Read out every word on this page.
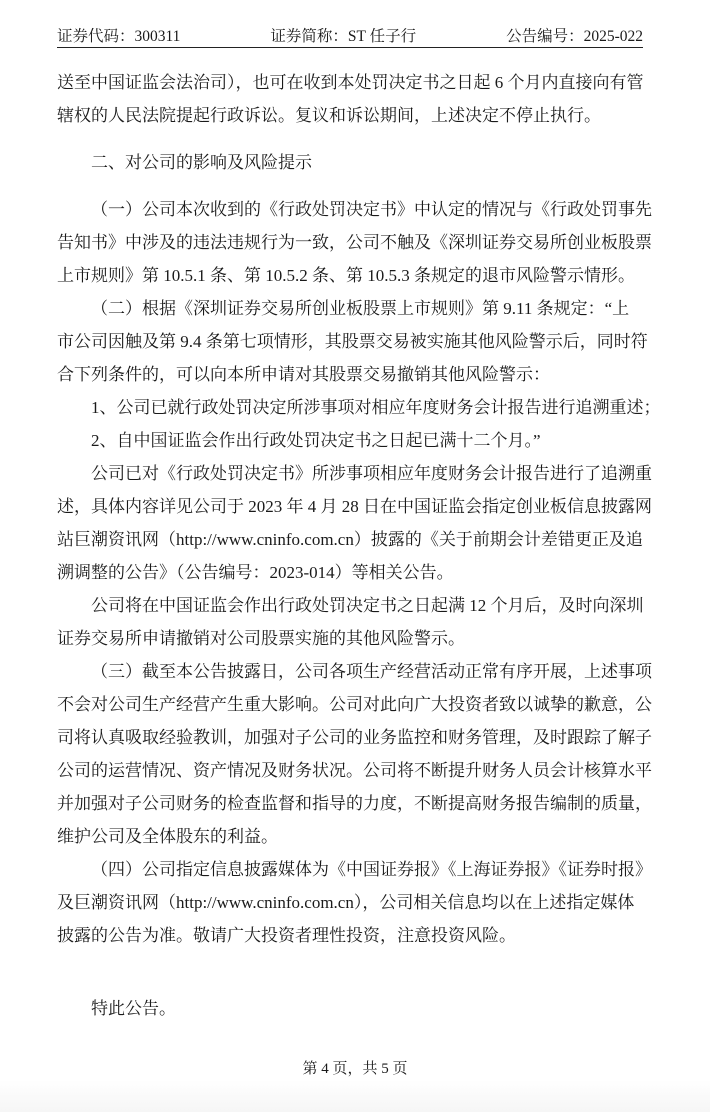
证券代码：300311	证券简称：ST 任子行	公告编号：2025-022
送至中国证监会法治司），也可在收到本处罚决定书之日起 6 个月内直接向有管
辖权的人民法院提起行政诉讼。复议和诉讼期间，上述决定不停止执行。
二、对公司的影响及风险提示
（一）公司本次收到的《行政处罚决定书》中认定的情况与《行政处罚事先
告知书》中涉及的违法违规行为一致，公司不触及《深圳证券交易所创业板股票
上市规则》第 10.5.1 条、第 10.5.2 条、第 10.5.3 条规定的退市风险警示情形。
（二）根据《深圳证券交易所创业板股票上市规则》第 9.11 条规定：“上
市公司因触及第 9.4 条第七项情形，其股票交易被实施其他风险警示后，同时符
合下列条件的，可以向本所申请对其股票交易撤销其他风险警示：
1、公司已就行政处罚决定所涉事项对相应年度财务会计报告进行追溯重述；
2、自中国证监会作出行政处罚决定书之日起已满十二个月。”
公司已对《行政处罚决定书》所涉事项相应年度财务会计报告进行了追溯重
述，具体内容详见公司于 2023 年 4 月 28 日在中国证监会指定创业板信息披露网
站巨潮资讯网（http://www.cninfo.com.cn）披露的《关于前期会计差错更正及追
溯调整的公告》（公告编号：2023-014）等相关公告。
公司将在中国证监会作出行政处罚决定书之日起满 12 个月后，及时向深圳
证券交易所申请撤销对公司股票实施的其他风险警示。
（三）截至本公告披露日，公司各项生产经营活动正常有序开展，上述事项
不会对公司生产经营产生重大影响。公司对此向广大投资者致以诚挚的歉意，公
司将认真吸取经验教训，加强对子公司的业务监控和财务管理，及时跟踪了解子
公司的运营情况、资产情况及财务状况。公司将不断提升财务人员会计核算水平
并加强对子公司财务的检查监督和指导的力度，不断提高财务报告编制的质量，
维护公司及全体股东的利益。
（四）公司指定信息披露媒体为《中国证券报》《上海证券报》《证券时报》
及巨潮资讯网（http://www.cninfo.com.cn），公司相关信息均以在上述指定媒体
披露的公告为准。敬请广大投资者理性投资，注意投资风险。
特此公告。
第 4 页，共 5 页
